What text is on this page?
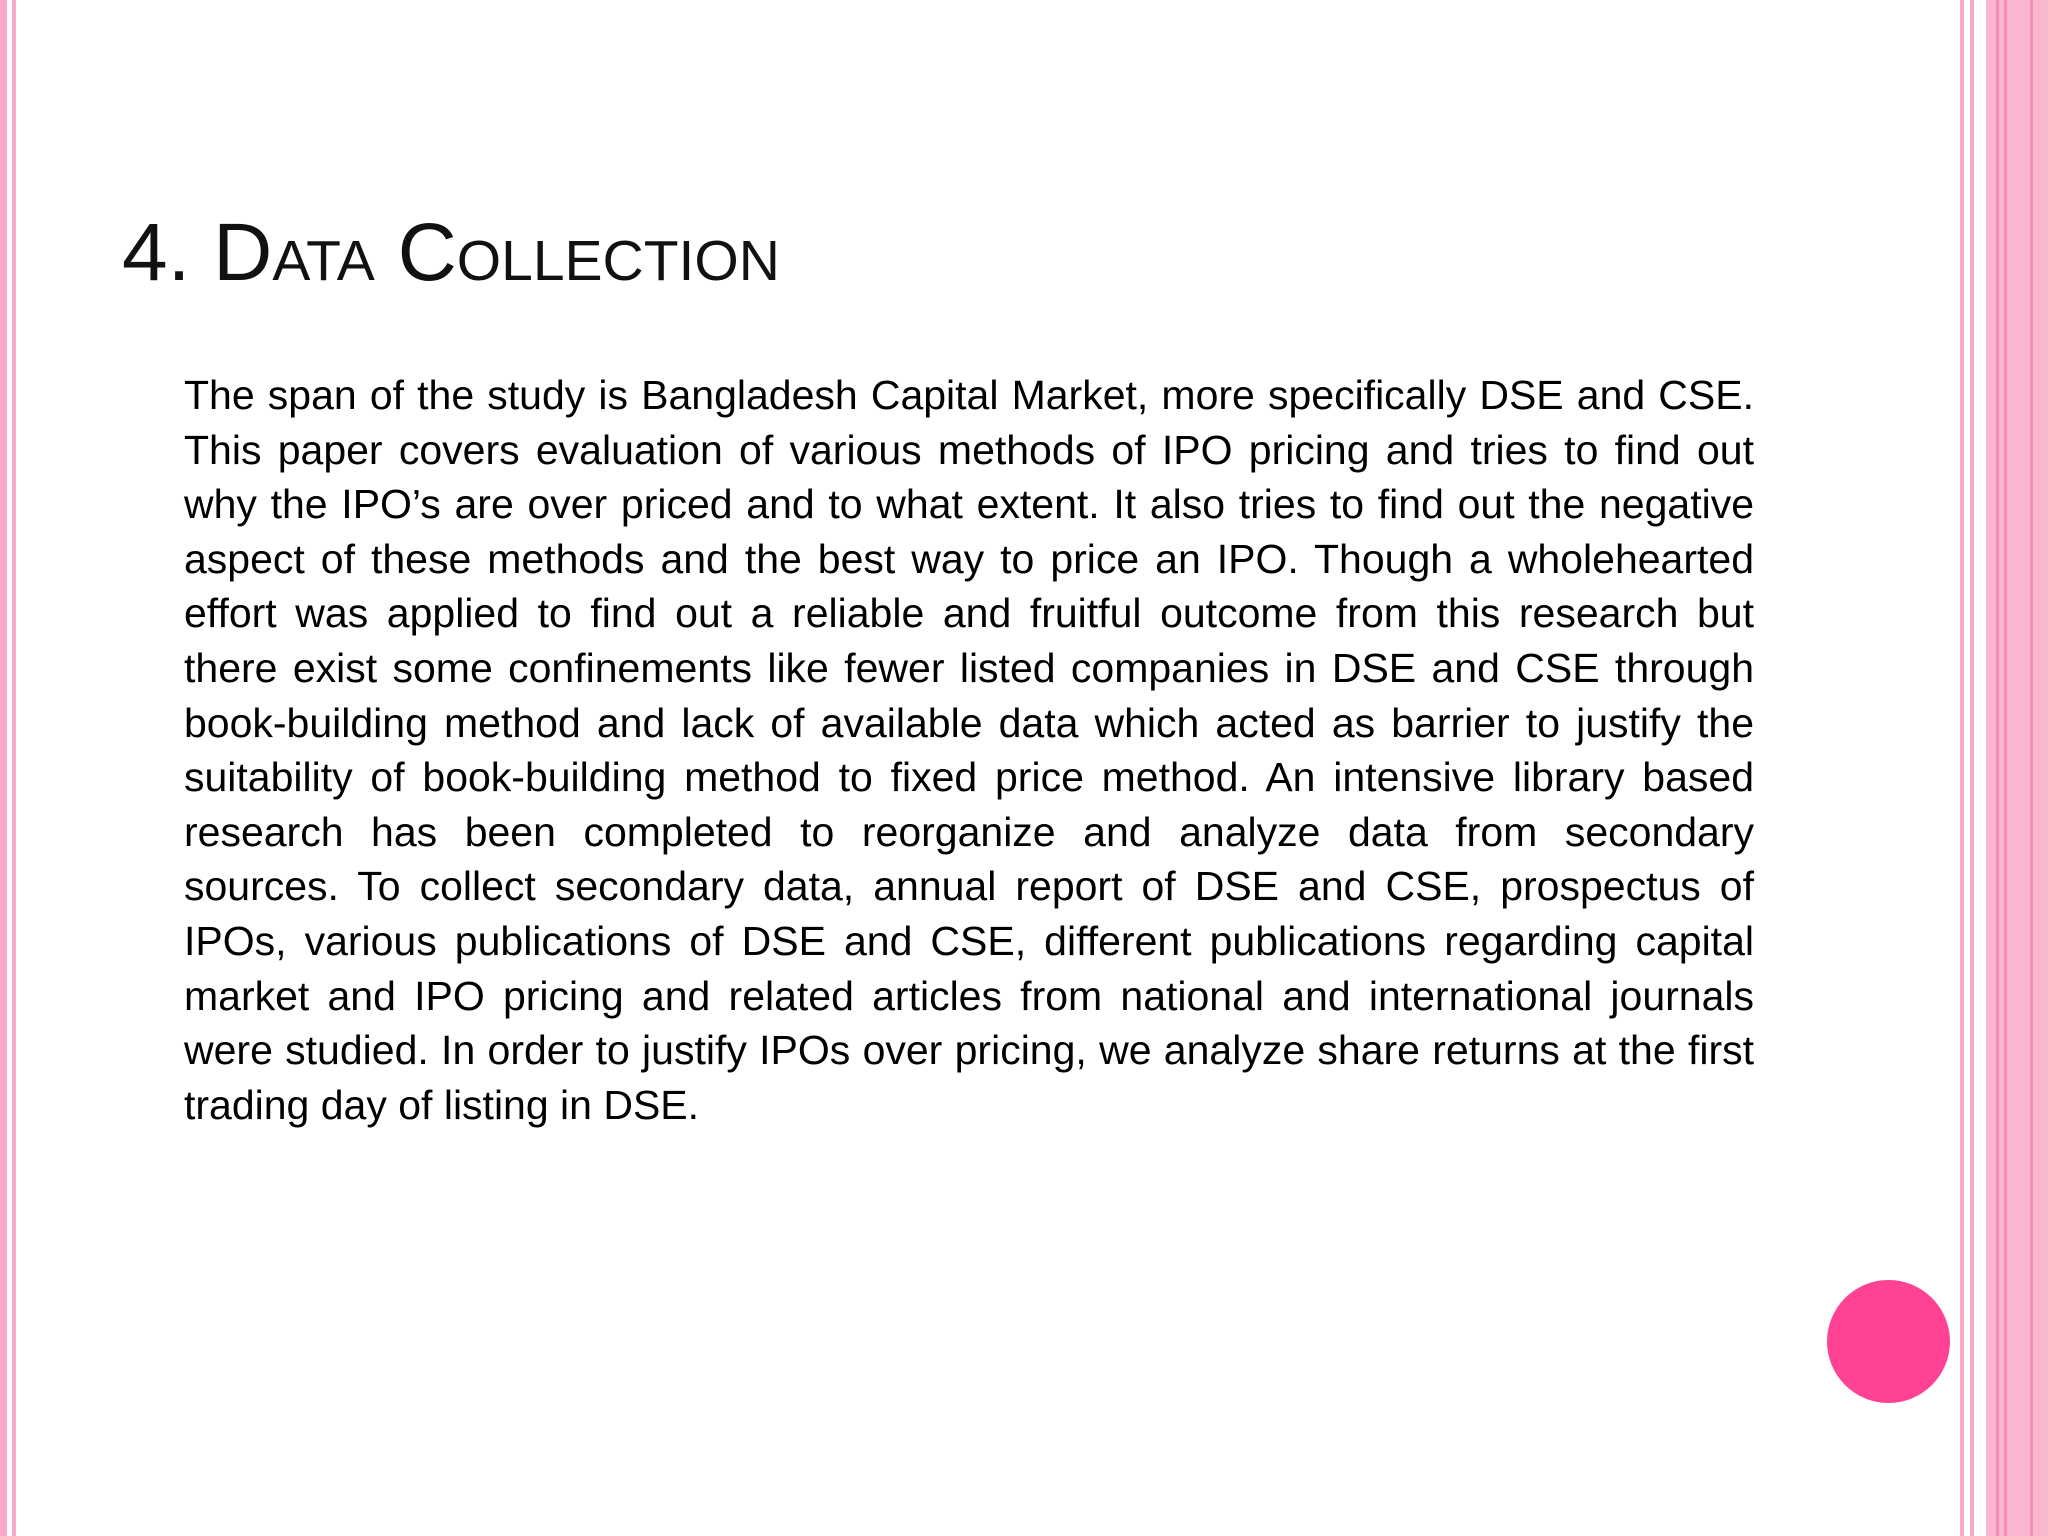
4. Data Collection

The span of the study is Bangladesh Capital Market, more specifically DSE and CSE. This paper covers evaluation of various methods of IPO pricing and tries to find out why the IPO’s are over priced and to what extent. It also tries to find out the negative aspect of these methods and the best way to price an IPO. Though a wholehearted effort was applied to find out a reliable and fruitful outcome from this research but there exist some confinements like fewer listed companies in DSE and CSE through book-building method and lack of available data which acted as barrier to justify the suitability of book-building method to fixed price method. An intensive library based research has been completed to reorganize and analyze data from secondary sources. To collect secondary data, annual report of DSE and CSE, prospectus of IPOs, various publications of DSE and CSE, different publications regarding capital market and IPO pricing and related articles from national and international journals were studied. In order to justify IPOs over pricing, we analyze share returns at the first trading day of listing in DSE.
